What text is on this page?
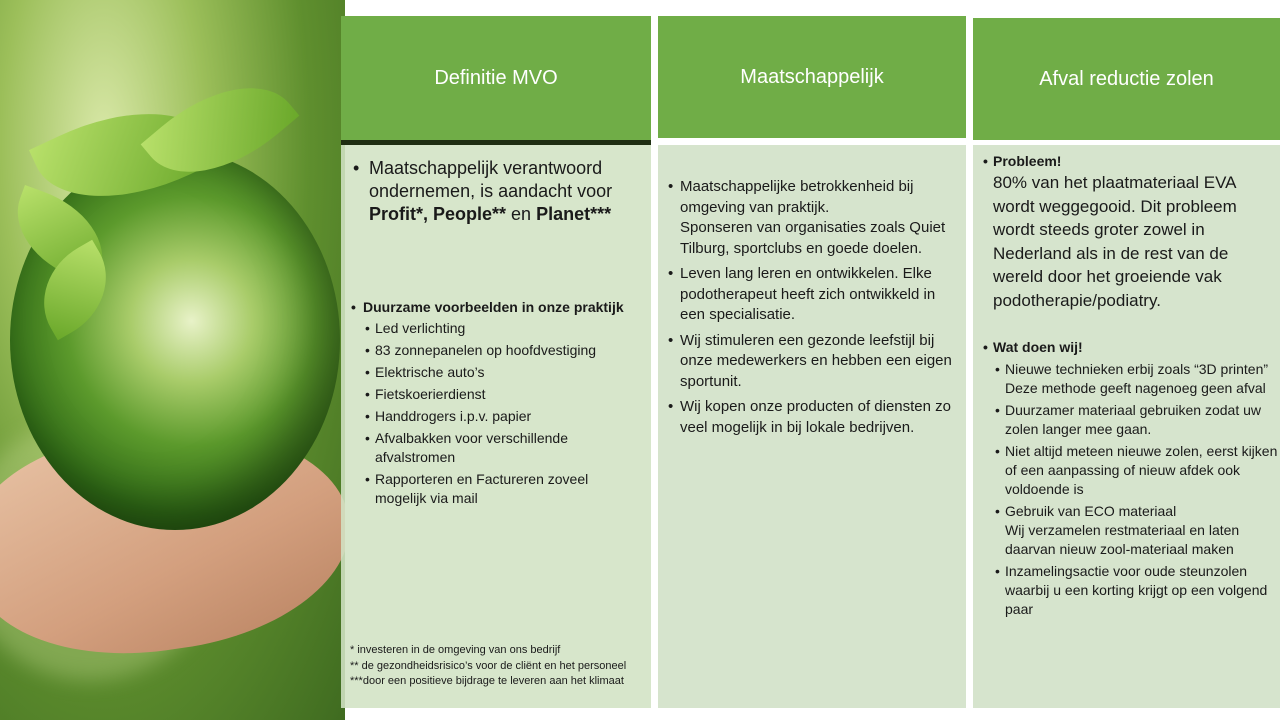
Definitie MVO
• Maatschappelijk verantwoord ondernemen, is aandacht voor Profit*, People** en Planet***
• Duurzame voorbeelden in onze praktijk
• Led verlichting
• 83 zonnepanelen op hoofdvestiging
• Elektrische auto’s
• Fietskoerierdienst
• Handdrogers i.p.v. papier
• Afvalbakken voor verschillende afvalstromen
• Rapporteren en Factureren zoveel mogelijk via mail
* investeren in de omgeving van ons bedrijf
** de gezondheidsrisico’s voor de cliënt en het personeel
***door een positieve bijdrage te leveren aan het klimaat
Maatschappelijk
• Maatschappelijke betrokkenheid bij omgeving van praktijk.
Sponseren van organisaties zoals Quiet Tilburg, sportclubs en goede doelen.
• Leven lang leren en ontwikkelen. Elke podotherapeut heeft zich ontwikkeld in een specialisatie.
• Wij stimuleren een gezonde leefstijl bij onze medewerkers en hebben een eigen sportunit.
• Wij kopen onze producten of diensten zo veel mogelijk in bij lokale bedrijven.
Afval reductie zolen
• Probleem!
80% van het plaatmateriaal EVA wordt weggegooid. Dit probleem wordt steeds groter zowel in Nederland als in de rest van de wereld door het groeiende vak podotherapie/podiatry.
• Wat doen wij!
• Nieuwe technieken erbij zoals “3D printen” Deze methode geeft nagenoeg geen afval
• Duurzamer materiaal gebruiken zodat uw zolen langer mee gaan.
• Niet altijd meteen nieuwe zolen, eerst kijken of een aanpassing of nieuw afdek ook voldoende is
• Gebruik van ECO materiaal
Wij verzamelen restmateriaal en laten daarvan nieuw zool-materiaal maken
• Inzamelingsactie voor oude steunzolen waarbij u een korting krijgt op een volgend paar
